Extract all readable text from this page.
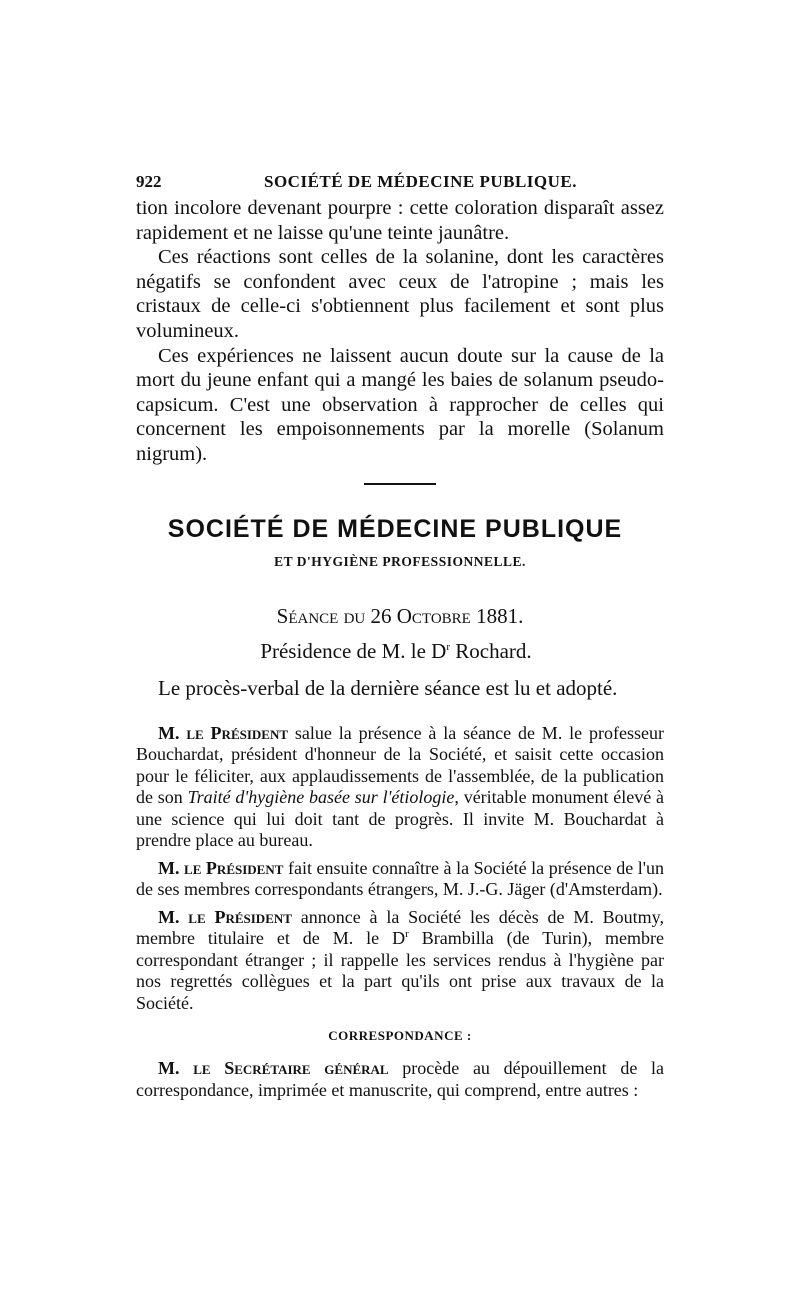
922	SOCIÉTÉ DE MÉDECINE PUBLIQUE.

tion incolore devenant pourpre : cette coloration disparaît assez rapidement et ne laisse qu'une teinte jaunâtre.

Ces réactions sont celles de la solanine, dont les caractères négatifs se confondent avec ceux de l'atropine ; mais les cristaux de celle-ci s'obtiennent plus facilement et sont plus volumineux.

Ces expériences ne laissent aucun doute sur la cause de la mort du jeune enfant qui a mangé les baies de solanum pseudo-capsicum. C'est une observation à rapprocher de celles qui concernent les empoisonnements par la morelle (Solanum nigrum).

SOCIÉTÉ DE MÉDECINE PUBLIQUE
ET D'HYGIÈNE PROFESSIONNELLE.
Séance du 26 Octobre 1881.
Présidence de M. le $D^r$ Rochard.
Le procès-verbal de la dernière séance est lu et adopté.

M. le Président salue la présence à la séance de M. le professeur Bouchardat, président d'honneur de la Société, et saisit cette occasion pour le féliciter, aux applaudissements de l'assemblée, de la publication de son Traité d'hygiène basée sur l'étiologie, véritable monument élevé à une science qui lui doit tant de progrès. Il invite M. Bouchardat à prendre place au bureau.

M. le Président fait ensuite connaître à la Société la présence de l'un de ses membres correspondants étrangers, M. J.-G. Jäger (d'Amsterdam).

M. le Président annonce à la Société les décès de M. Boutmy, membre titulaire et de M. le $D^r$ Brambilla (de Turin), membre correspondant étranger ; il rappelle les services rendus à l'hygiène par nos regrettés collègues et la part qu'ils ont prise aux travaux de la Société.

CORRESPONDANCE :

M. le Secrétaire général procède au dépouillement de la correspondance, imprimée et manuscrite, qui comprend, entre autres :
